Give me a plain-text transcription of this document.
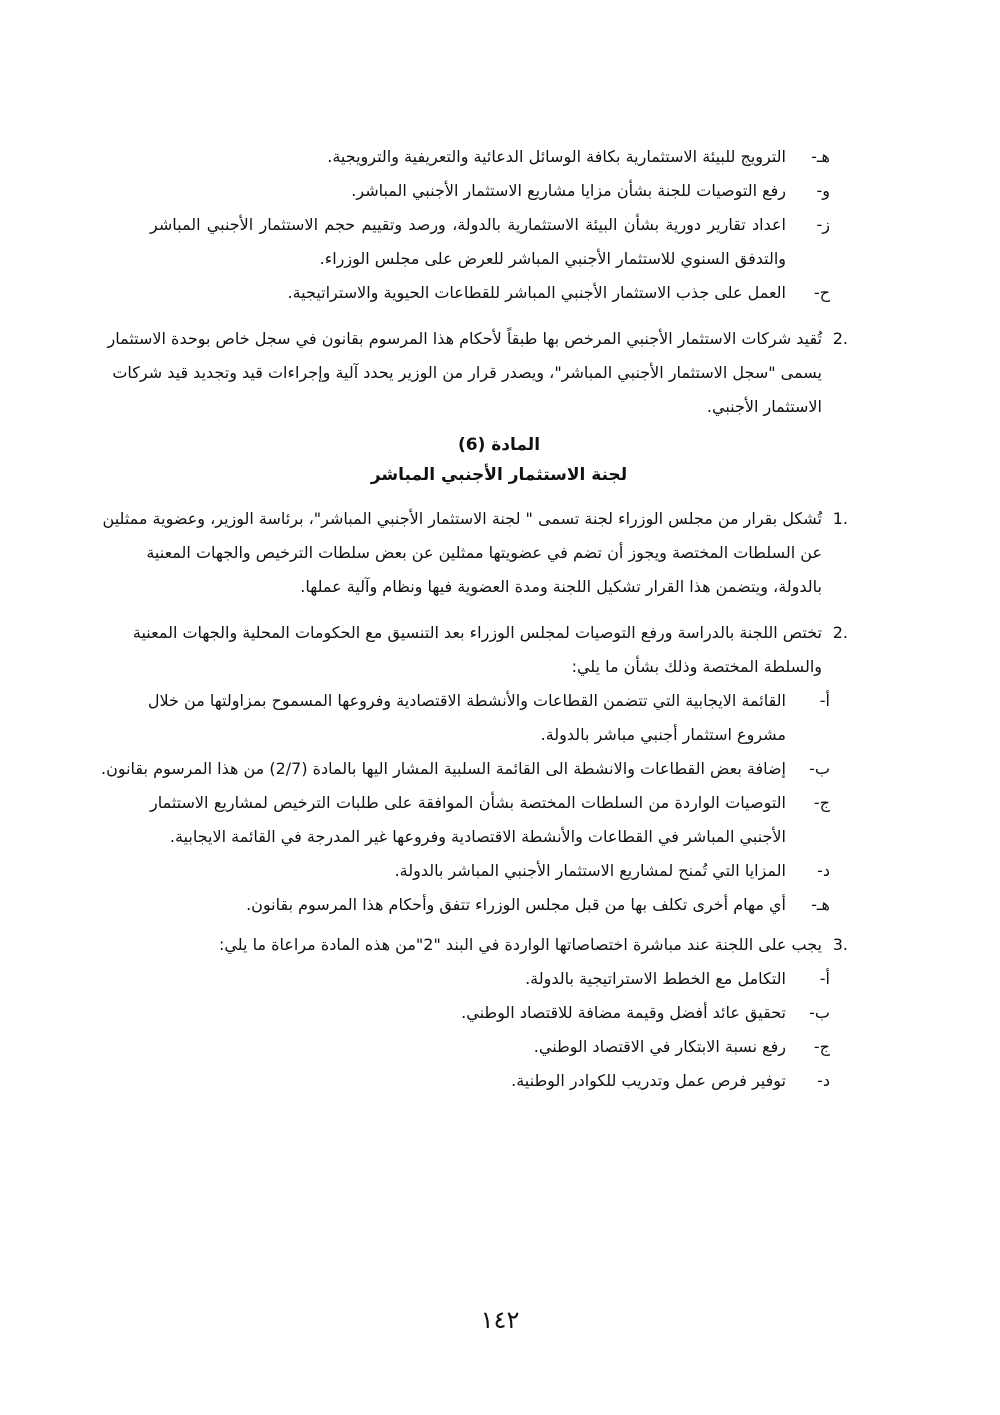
هـ-
الترويج للبيئة الاستثمارية بكافة الوسائل الدعائية والتعريفية والترويجية.
و-
رفع التوصيات للجنة بشأن مزايا مشاريع الاستثمار الأجنبي المباشر.
ز-
اعداد تقارير دورية بشأن البيئة الاستثمارية بالدولة، ورصد وتقييم حجم الاستثمار الأجنبي المباشر
والتدفق السنوي للاستثمار الأجنبي المباشر للعرض على مجلس الوزراء.
ح-
العمل على جذب الاستثمار الأجنبي المباشر للقطاعات الحيوية والاستراتيجية.
.2
تُقيد شركات الاستثمار الأجنبي المرخص بها طبقاً لأحكام هذا المرسوم بقانون في سجل خاص بوحدة الاستثمار
يسمى "سجل الاستثمار الأجنبي المباشر"، ويصدر قرار من الوزير يحدد آلية وإجراءات قيد وتجديد قيد شركات
الاستثمار الأجنبي.
المادة (6)
لجنة الاستثمار الأجنبي المباشر
.1
تُشكل بقرار من مجلس الوزراء لجنة تسمى " لجنة الاستثمار الأجنبي المباشر"، برئاسة الوزير، وعضوية ممثلين
عن السلطات المختصة ويجوز أن تضم في عضويتها ممثلين عن بعض سلطات الترخيص والجهات المعنية
بالدولة، ويتضمن هذا القرار تشكيل اللجنة ومدة العضوية فيها ونظام وآلية عملها.
.2
تختص اللجنة بالدراسة ورفع التوصيات لمجلس الوزراء بعد التنسيق مع الحكومات المحلية والجهات المعنية
والسلطة المختصة وذلك بشأن ما يلي:
أ-
القائمة الايجابية التي تتضمن القطاعات والأنشطة الاقتصادية وفروعها المسموح بمزاولتها من خلال
مشروع استثمار أجنبي مباشر بالدولة.
ب-
إضافة بعض القطاعات والانشطة الى القائمة السلبية المشار اليها بالمادة (2/7) من هذا المرسوم بقانون.
ج-
التوصيات الواردة من السلطات المختصة بشأن الموافقة على طلبات الترخيص لمشاريع الاستثمار
الأجنبي المباشر في القطاعات والأنشطة الاقتصادية وفروعها غير المدرجة في القائمة الايجابية.
د-
المزايا التي تُمنح لمشاريع الاستثمار الأجنبي المباشر بالدولة.
هـ-
أي مهام أخرى تكلف بها من قبل مجلس الوزراء تتفق وأحكام هذا المرسوم بقانون.
.3
يجب على اللجنة عند مباشرة اختصاصاتها الواردة في البند "2"من هذه المادة مراعاة ما يلي:
أ-
التكامل مع الخطط الاستراتيجية بالدولة.
ب-
تحقيق عائد أفضل وقيمة مضافة للاقتصاد الوطني.
ج-
رفع نسبة الابتكار في الاقتصاد الوطني.
د-
توفير فرص عمل وتدريب للكوادر الوطنية.
١٤٢
